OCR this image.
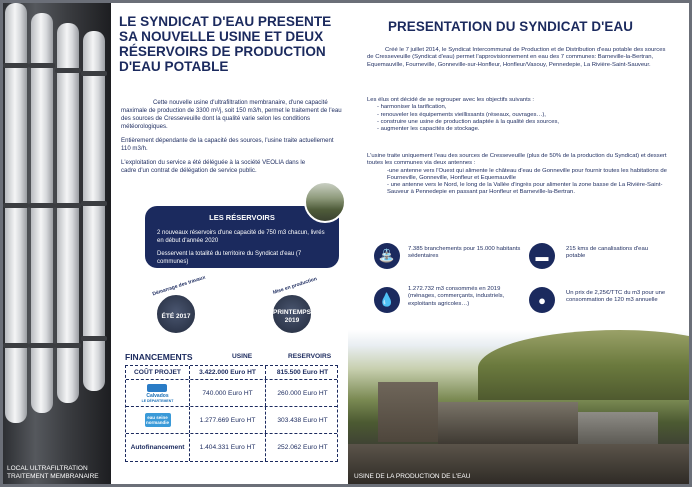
LOCAL ULTRAFILTRATION TRAITEMENT MEMBRANAIRE
LE SYNDICAT D'EAU PRESENTE SA NOUVELLE USINE ET DEUX RÉSERVOIRS DE PRODUCTION D'EAU POTABLE

Cette nouvelle usine d'ultrafiltration membranaire, d'une capacité maximale de production de 3300 m²/j, soit 150 m3/h, permet le traitement de l'eau des sources de Cresseveuille dont la qualité varie selon les conditions météorologiques.

Entièrement dépendante de la capacité des sources, l'usine traite actuellement 110 m3/h.

L'exploitation du service a été déléguée à la société VEOLIA dans le cadre d'un contrat de délégation de service public.

LES RÉSERVOIRS

2 nouveaux réservoirs d'une capacité de 750 m3 chacun, livrés en début d'année 2020

Desservent la totalité du territoire du Syndicat d'eau (7 communes)

Démarrage des travaux
ÉTÉ 2017
Mise en production
PRINTEMPS
2019
FINANCEMENTS	USINE	RESERVOIRS
COÛT PROJET	3.422.000 Euro HT	815.500 Euro HT
Calvados
LE DÉPARTEMENT
740.000 Euro HT	260.000 Euro HT
eau seine normandie	1.277.669 Euro HT	303.438 Euro HT
Autofinancement	1.404.331 Euro HT	252.062 Euro HT
PRESENTATION DU SYNDICAT D'EAU

Créé le 7 juillet 2014, le Syndicat Intercommunal de Production et de Distribution d'eau potable des sources de Cresseveuille (Syndicat d'eau) permet l'approvisionnement en eau des 7 communes: Barneville-la-Bertran, Equemauville, Fourneville, Gonneville-sur-Honfleur, Honfleur/Vasouy, Pennedepie, La Rivière-Saint-Sauveur.

Les élus ont décidé de se regrouper avec les objectifs suivants :

- harmoniser la tarification,
- renouveler les équipements vieillissants (réseaux, ouvrages…),
- construire une usine de production adaptée à la qualité des sources,
- augmenter les capacités de stockage.

L'usine traite uniquement l'eau des sources de Cresseveuille (plus de 50% de la production du Syndicat) et dessert toutes les communes via deux antennes :

-une antenne vers l'Ouest qui alimente le château d'eau de Gonneville pour fournir toutes les habitations de Fourneville, Gonneville, Honfleur et Equemauville
- une antenne vers le Nord, le long de la Vallée d'ingrès pour alimenter la zone basse de La Rivière-Saint-Sauveur à Pennedepie en passant par Honfleur et Barneville-la-Bertran.
⛲	7.385 branchements pour 15.000 habitants sédentaires	▬	215 kms de canalisations d'eau potable
💧
1.272.732 m3 consommés en 2019 (ménages, commerçants, industriels, exploitants agricoles…)	●	Un prix de 2,25€/TTC du m3 pour une consommation de 120 m3 annuelle
USINE DE LA PRODUCTION DE L'EAU
